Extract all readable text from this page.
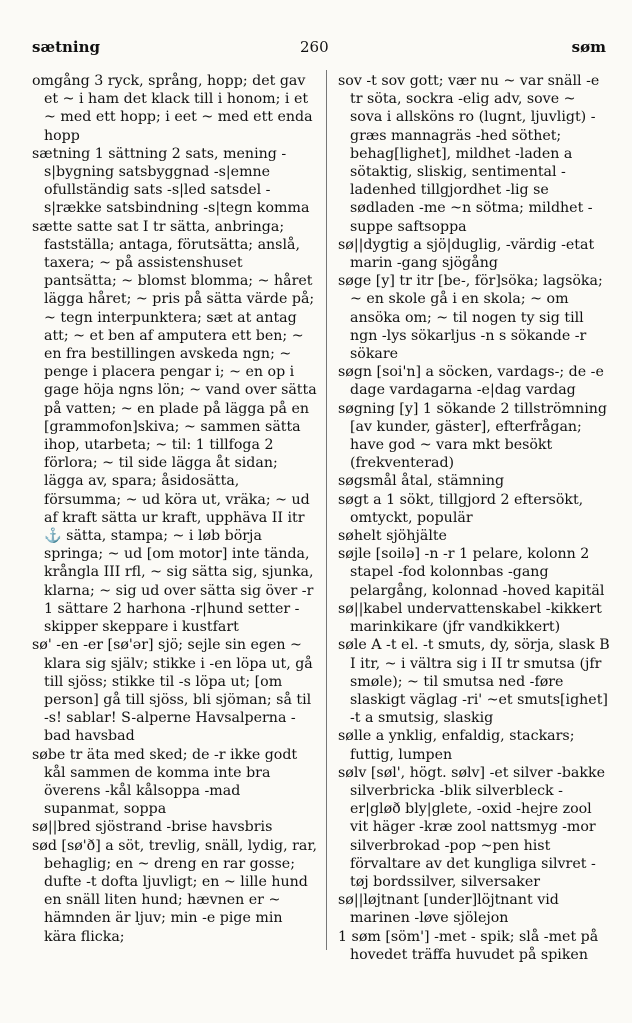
sætning	260	søm

omgång 3 ryck, språng, hopp; det gav et ~ i ham det klack till i honom; i et ~ med ett hopp; i eet ~ med ett enda hopp

sætning 1 sättning 2 sats, mening -s|bygning satsbyggnad -s|emne ofullständig sats -s|led satsdel -s|række satsbindning -s|tegn komma

sætte satte sat I tr sätta, anbringa; fastställa; antaga, förutsätta; anslå, taxera; ~ på assistenshuset pantsätta; ~ blomst blomma; ~ håret lägga håret; ~ pris på sätta värde på; ~ tegn interpunktera; sæt at antag att; ~ et ben af amputera ett ben; ~ en fra bestillingen avskeda ngn; ~ penge i placera pengar i; ~ en op i gage höja ngns lön; ~ vand over sätta på vatten; ~ en plade på lägga på en [grammofon]skiva; ~ sammen sätta ihop, utarbeta; ~ til: 1 tillfoga 2 förlora; ~ til side lägga åt sidan; lägga av, spara; åsidosätta, försumma; ~ ud köra ut, vräka; ~ ud af kraft sätta ur kraft, upphäva II itr ⚓ sätta, stampa; ~ i løb börja springa; ~ ud [om motor] inte tända, krångla III rfl, ~ sig sätta sig, sjunka, klarna; ~ sig ud over sätta sig över -r 1 sättare 2 harhona -r|hund setter -skipper skeppare i kustfart

sø' -en -er [sø'ər] sjö; sejle sin egen ~ klara sig själv; stikke i -en löpa ut, gå till sjöss; stikke til -s löpa ut; [om person] gå till sjöss, bli sjöman; så til -s! sablar! S-alperne Havsalperna -bad havsbad

søbe tr äta med sked; de -r ikke godt kål sammen de komma inte bra överens -kål kålsoppa -mad supanmat, soppa

sø||bred sjöstrand -brise havsbris

sød [sø'ð] a söt, trevlig, snäll, lydig, rar, behaglig; en ~ dreng en rar gosse; dufte -t dofta ljuvligt; en ~ lille hund en snäll liten hund; hævnen er ~ hämnden är ljuv; min -e pige min kära flicka;

sov -t sov gott; vær nu ~ var snäll -e tr söta, sockra -elig adv, sove ~ sova i allsköns ro (lugnt, ljuvligt) -græs mannagräs -hed söthet; behag[lighet], mildhet -laden a sötaktig, sliskig, sentimental -ladenhed tillgjordhet -lig se sødladen -me ~n sötma; mildhet -suppe saftsoppa

sø||dygtig a sjö|duglig, -värdig -etat marin -gang sjögång

søge [y] tr itr [be-, för]söka; lagsöka; ~ en skole gå i en skola; ~ om ansöka om; ~ til nogen ty sig till ngn -lys sökarljus -n s sökande -r sökare

søgn [soi'n] a söcken, vardags-; de -e dage vardagarna -e|dag vardag

søgning [y] 1 sökande 2 tillströmning [av kunder, gäster], efterfrågan; have god ~ vara mkt besökt (frekventerad)

søgsmål åtal, stämning

søgt a 1 sökt, tillgjord 2 eftersökt, omtyckt, populär

søhelt sjöhjälte

søjle [soilə] -n -r 1 pelare, kolonn 2 stapel -fod kolonnbas -gang pelargång, kolonnad -hoved kapitäl

sø||kabel undervattenskabel -kikkert marinkikare (jfr vandkikkert)

søle A -t el. -t smuts, dy, sörja, slask B I itr, ~ i vältra sig i II tr smutsa (jfr smøle); ~ til smutsa ned -føre slaskigt väglag -ri' ~et smuts[ighet] -t a smutsig, slaskig

sølle a ynklig, enfaldig, stackars; futtig, lumpen

sølv [søl', högt. sølv] -et silver -bakke silverbricka -blik silverbleck -er|gløð bly|glete, -oxid -hejre zool vit häger -kræ zool nattsmyg -mor silverbrokad -pop ~pen hist förvaltare av det kungliga silvret -tøj bordssilver, silversaker

sø||løjtnant [under]löjtnant vid marinen -løve sjölejon

1 søm [söm'] -met - spik; slå -met på hovedet träffa huvudet på spiken
